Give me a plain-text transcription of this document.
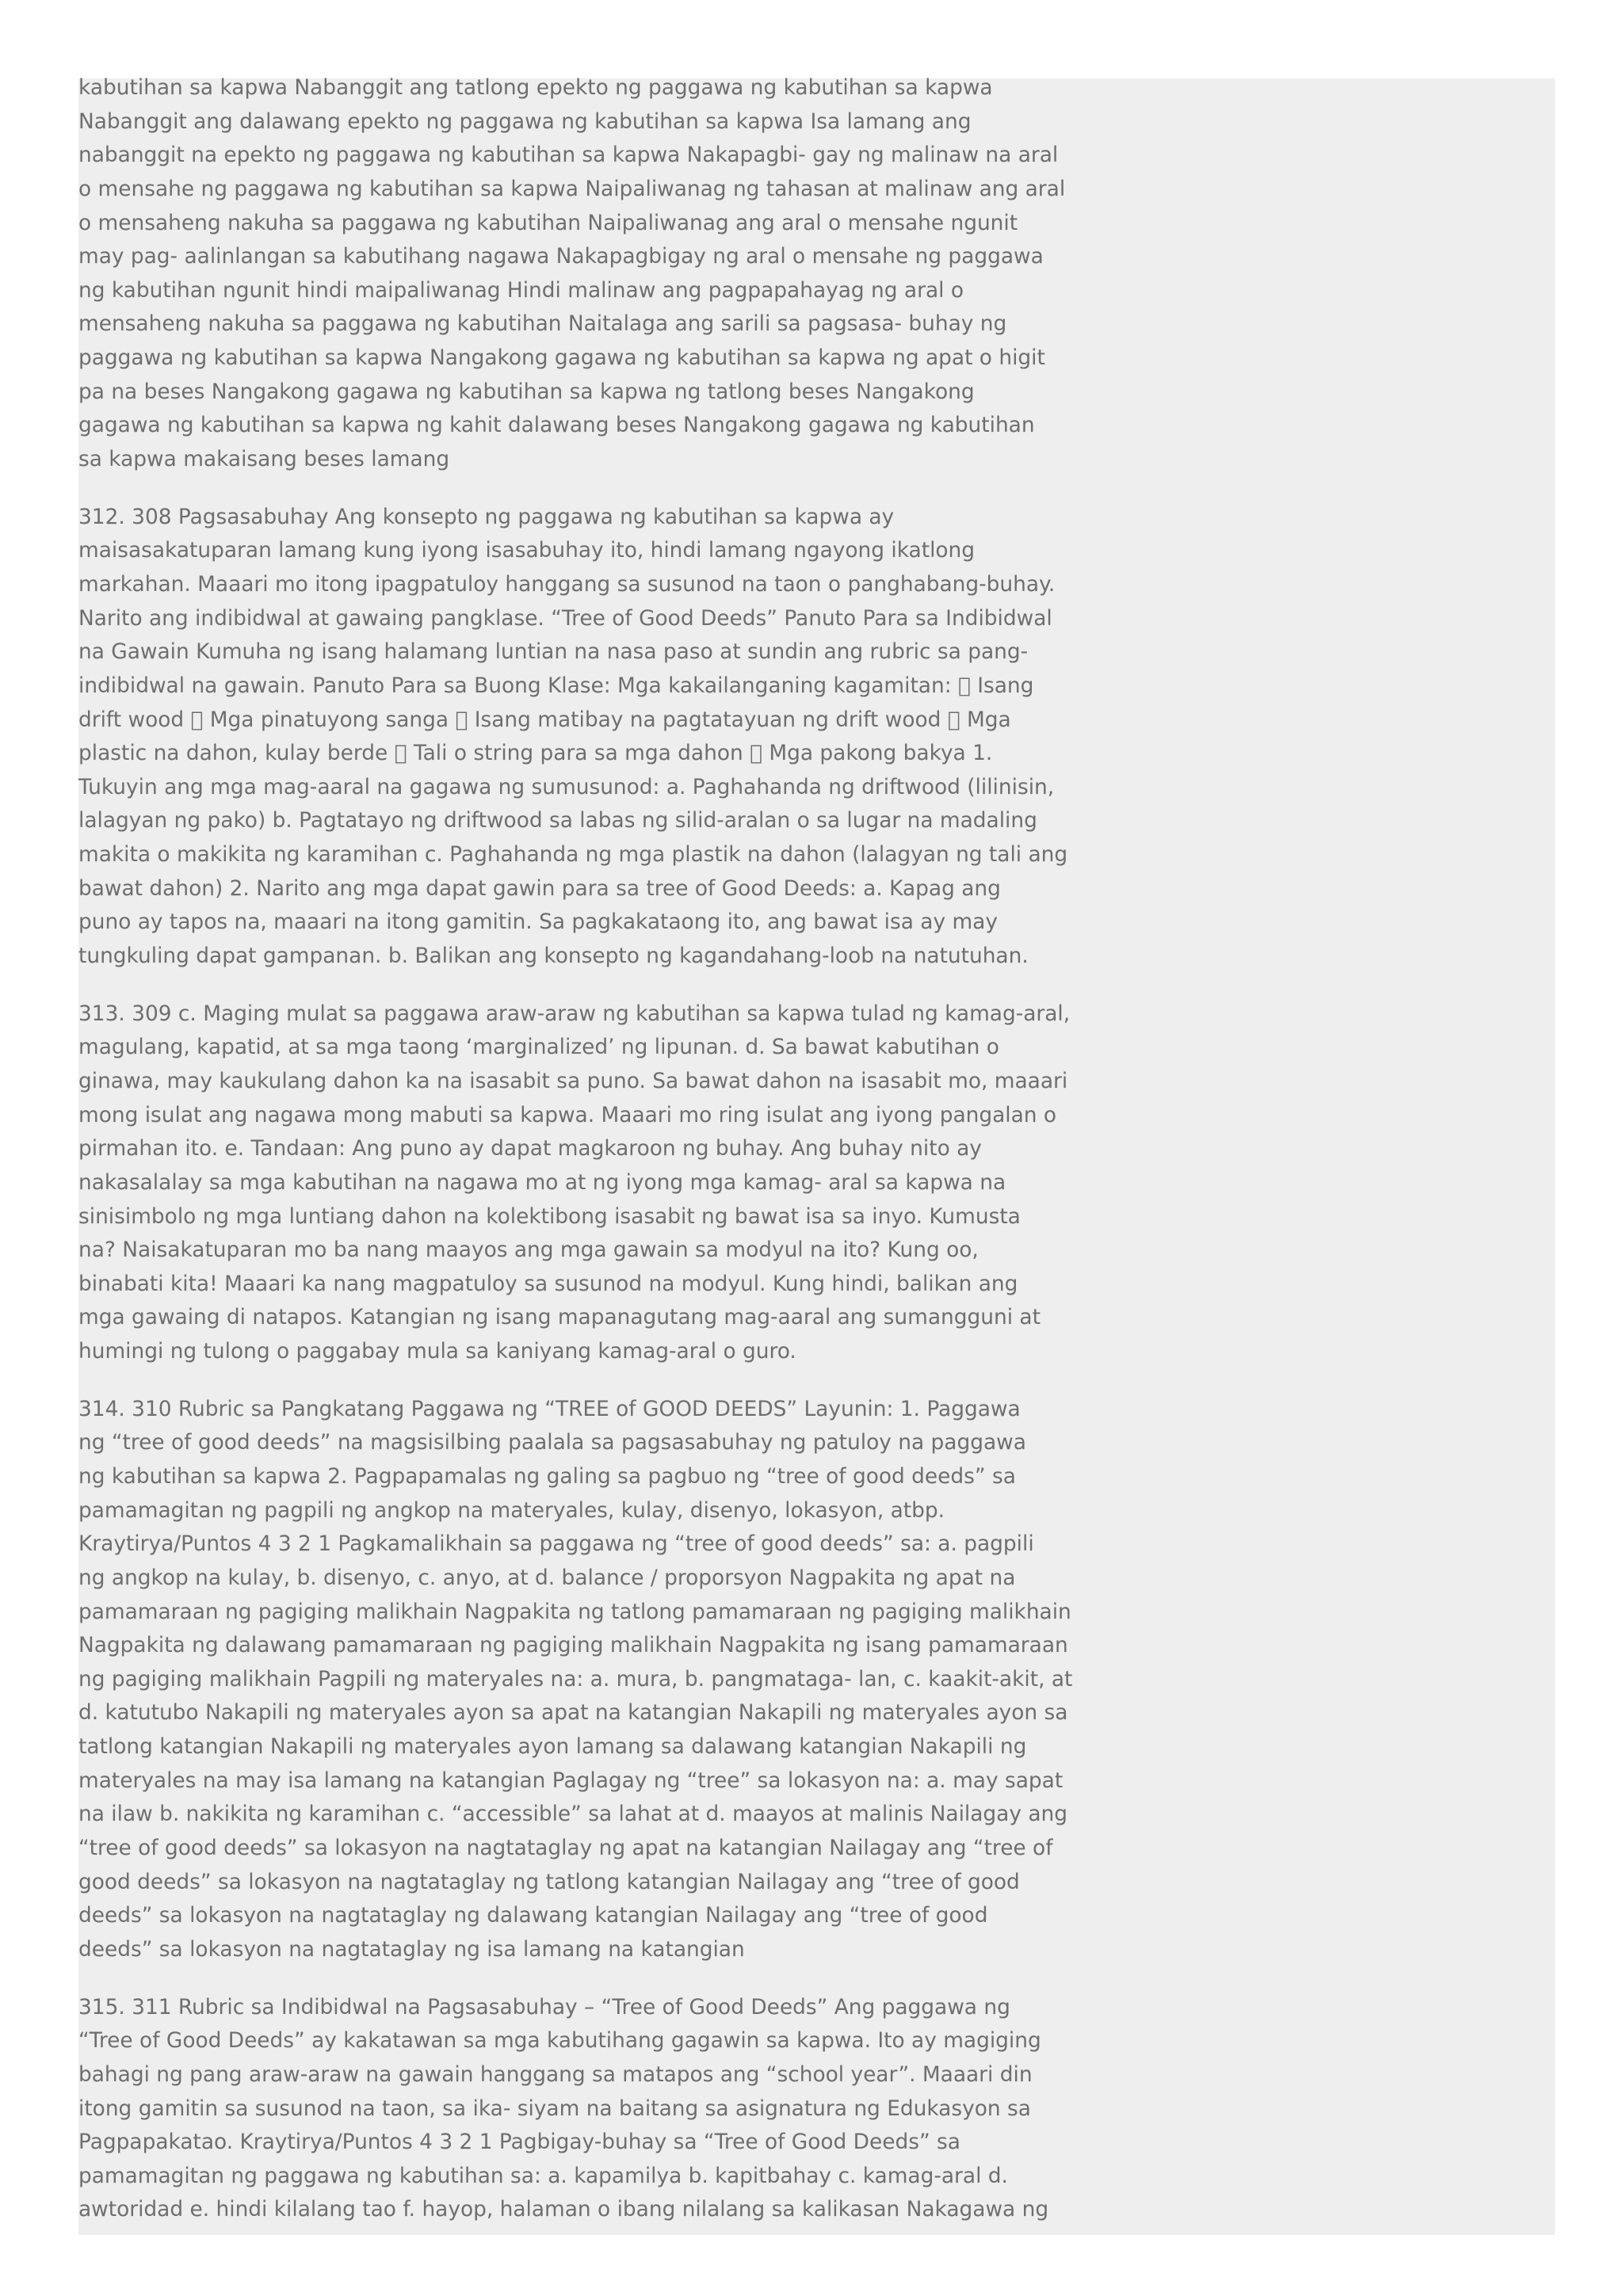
kabutihan sa kapwa Nabanggit ang tatlong epekto ng paggawa ng kabutihan sa kapwa
Nabanggit ang dalawang epekto ng paggawa ng kabutihan sa kapwa Isa lamang ang
nabanggit na epekto ng paggawa ng kabutihan sa kapwa Nakapagbi- gay ng malinaw na aral
o mensahe ng paggawa ng kabutihan sa kapwa Naipaliwanag ng tahasan at malinaw ang aral
o mensaheng nakuha sa paggawa ng kabutihan Naipaliwanag ang aral o mensahe ngunit
may pag- aalinlangan sa kabutihang nagawa Nakapagbigay ng aral o mensahe ng paggawa
ng kabutihan ngunit hindi maipaliwanag Hindi malinaw ang pagpapahayag ng aral o
mensaheng nakuha sa paggawa ng kabutihan Naitalaga ang sarili sa pagsasa- buhay ng
paggawa ng kabutihan sa kapwa Nangakong gagawa ng kabutihan sa kapwa ng apat o higit
pa na beses Nangakong gagawa ng kabutihan sa kapwa ng tatlong beses Nangakong
gagawa ng kabutihan sa kapwa ng kahit dalawang beses Nangakong gagawa ng kabutihan
sa kapwa makaisang beses lamang
312. 308 Pagsasabuhay Ang konsepto ng paggawa ng kabutihan sa kapwa ay
maisasakatuparan lamang kung iyong isasabuhay ito, hindi lamang ngayong ikatlong
markahan. Maaari mo itong ipagpatuloy hanggang sa susunod na taon o panghabang-buhay.
Narito ang indibidwal at gawaing pangklase. “Tree of Good Deeds” Panuto Para sa Indibidwal
na Gawain Kumuha ng isang halamang luntian na nasa paso at sundin ang rubric sa pang-
indibidwal na gawain. Panuto Para sa Buong Klase: Mga kakailanganing kagamitan: Isang
drift wood Mga pinatuyong sanga Isang matibay na pagtatayuan ng drift wood Mga
plastic na dahon, kulay berde Tali o string para sa mga dahon Mga pakong bakya 1.
Tukuyin ang mga mag-aaral na gagawa ng sumusunod: a. Paghahanda ng driftwood (lilinisin,
lalagyan ng pako) b. Pagtatayo ng driftwood sa labas ng silid-aralan o sa lugar na madaling
makita o makikita ng karamihan c. Paghahanda ng mga plastik na dahon (lalagyan ng tali ang
bawat dahon) 2. Narito ang mga dapat gawin para sa tree of Good Deeds: a. Kapag ang
puno ay tapos na, maaari na itong gamitin. Sa pagkakataong ito, ang bawat isa ay may
tungkuling dapat gampanan. b. Balikan ang konsepto ng kagandahang-loob na natutuhan.
313. 309 c. Maging mulat sa paggawa araw-araw ng kabutihan sa kapwa tulad ng kamag-aral,
magulang, kapatid, at sa mga taong ‘marginalized’ ng lipunan. d. Sa bawat kabutihan o
ginawa, may kaukulang dahon ka na isasabit sa puno. Sa bawat dahon na isasabit mo, maaari
mong isulat ang nagawa mong mabuti sa kapwa. Maaari mo ring isulat ang iyong pangalan o
pirmahan ito. e. Tandaan: Ang puno ay dapat magkaroon ng buhay. Ang buhay nito ay
nakasalalay sa mga kabutihan na nagawa mo at ng iyong mga kamag- aral sa kapwa na
sinisimbolo ng mga luntiang dahon na kolektibong isasabit ng bawat isa sa inyo. Kumusta
na? Naisakatuparan mo ba nang maayos ang mga gawain sa modyul na ito? Kung oo,
binabati kita! Maaari ka nang magpatuloy sa susunod na modyul. Kung hindi, balikan ang
mga gawaing di natapos. Katangian ng isang mapanagutang mag-aaral ang sumangguni at
humingi ng tulong o paggabay mula sa kaniyang kamag-aral o guro.
314. 310 Rubric sa Pangkatang Paggawa ng “TREE of GOOD DEEDS” Layunin: 1. Paggawa
ng “tree of good deeds” na magsisilbing paalala sa pagsasabuhay ng patuloy na paggawa
ng kabutihan sa kapwa 2. Pagpapamalas ng galing sa pagbuo ng “tree of good deeds” sa
pamamagitan ng pagpili ng angkop na materyales, kulay, disenyo, lokasyon, atbp.
Kraytirya/Puntos 4 3 2 1 Pagkamalikhain sa paggawa ng “tree of good deeds” sa: a. pagpili
ng angkop na kulay, b. disenyo, c. anyo, at d. balance / proporsyon Nagpakita ng apat na
pamamaraan ng pagiging malikhain Nagpakita ng tatlong pamamaraan ng pagiging malikhain
Nagpakita ng dalawang pamamaraan ng pagiging malikhain Nagpakita ng isang pamamaraan
ng pagiging malikhain Pagpili ng materyales na: a. mura, b. pangmataga- lan, c. kaakit-akit, at
d. katutubo Nakapili ng materyales ayon sa apat na katangian Nakapili ng materyales ayon sa
tatlong katangian Nakapili ng materyales ayon lamang sa dalawang katangian Nakapili ng
materyales na may isa lamang na katangian Paglagay ng “tree” sa lokasyon na: a. may sapat
na ilaw b. nakikita ng karamihan c. “accessible” sa lahat at d. maayos at malinis Nailagay ang
“tree of good deeds” sa lokasyon na nagtataglay ng apat na katangian Nailagay ang “tree of
good deeds” sa lokasyon na nagtataglay ng tatlong katangian Nailagay ang “tree of good
deeds” sa lokasyon na nagtataglay ng dalawang katangian Nailagay ang “tree of good
deeds” sa lokasyon na nagtataglay ng isa lamang na katangian
315. 311 Rubric sa Indibidwal na Pagsasabuhay – “Tree of Good Deeds” Ang paggawa ng
“Tree of Good Deeds” ay kakatawan sa mga kabutihang gagawin sa kapwa. Ito ay magiging
bahagi ng pang araw-araw na gawain hanggang sa matapos ang “school year”. Maaari din
itong gamitin sa susunod na taon, sa ika- siyam na baitang sa asignatura ng Edukasyon sa
Pagpapakatao. Kraytirya/Puntos 4 3 2 1 Pagbigay-buhay sa “Tree of Good Deeds” sa
pamamagitan ng paggawa ng kabutihan sa: a. kapamilya b. kapitbahay c. kamag-aral d.
awtoridad e. hindi kilalang tao f. hayop, halaman o ibang nilalang sa kalikasan Nakagawa ng
